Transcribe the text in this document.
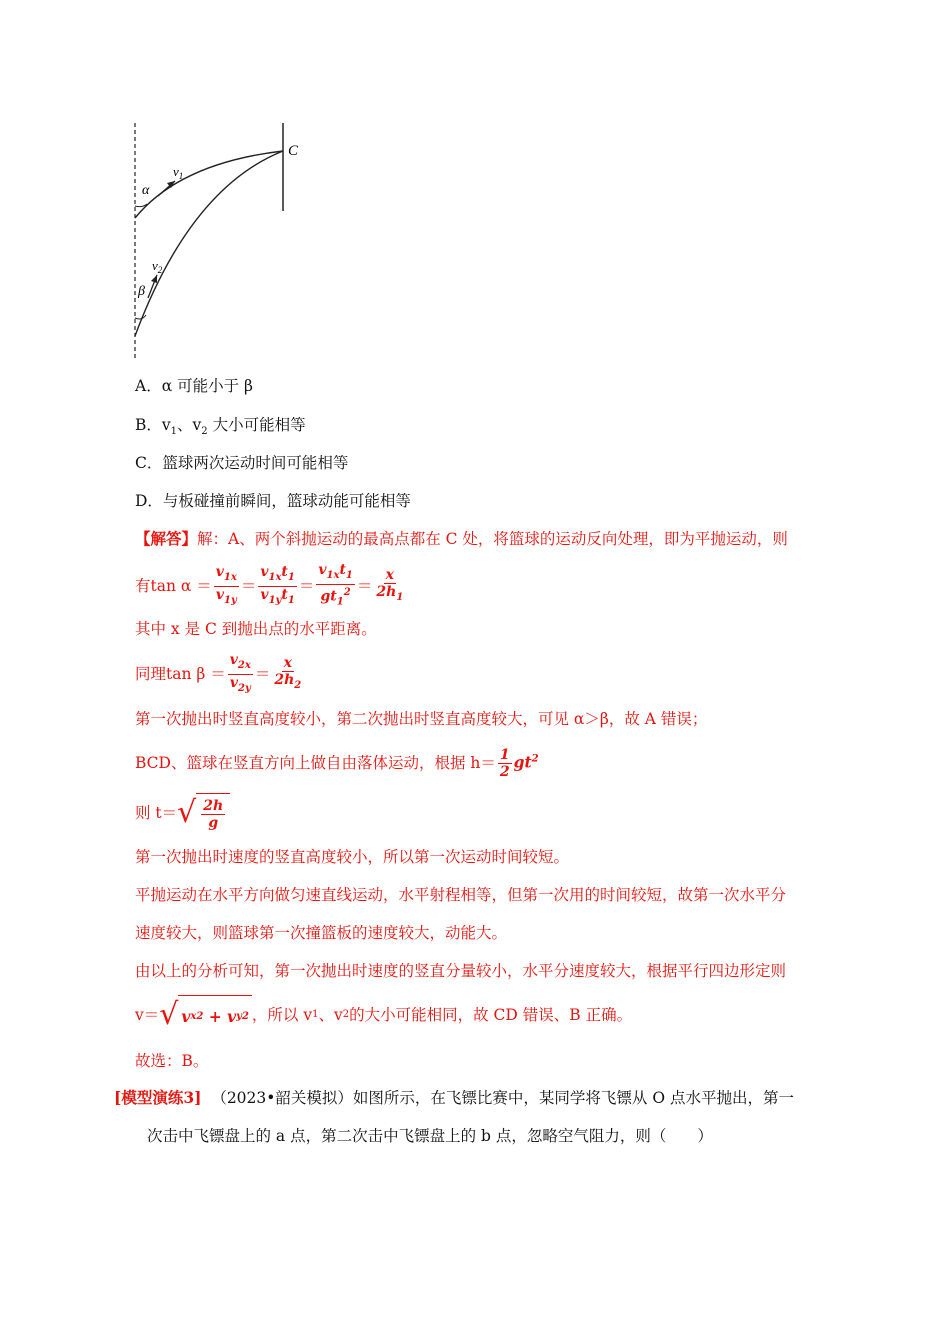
C
α
$v_1$
β
$v_2$
A．α 可能小于 β
B．$v_1$、$v_2$ 大小可能相等
C．篮球两次运动时间可能相等
D．与板碰撞前瞬间，篮球动能可能相等
【解答】解：A、两个斜抛运动的最高点都在 C 处，将篮球的运动反向处理，即为平抛运动，则
有$\tan \alpha = \frac{v_{1x}}{v_{1y}} = \frac{v_{1x}t_1}{v_{1y}t_1} = \frac{v_{1x}t_1}{gt_1^2} = \frac{x}{2h_1}$
其中 x 是 C 到抛出点的水平距离。
同理$\tan \beta = \frac{v_{2x}}{v_{2y}} = \frac{x}{2h_2}$
第一次抛出时竖直高度较小，第二次抛出时竖直高度较大，可见 α＞β，故 A 错误；
BCD、篮球在竖直方向上做自由落体运动，根据 $h= \frac{1}{2} gt^2$
则 t＝ √ $\frac{2h}{g}$
第一次抛出时速度的竖直高度较小，所以第一次运动时间较短。
平抛运动在水平方向做匀速直线运动，水平射程相等，但第一次用的时间较短，故第一次水平分
速度较大，则篮球第一次撞篮板的速度较大，动能大。
由以上的分析可知，第一次抛出时速度的竖直分量较小，水平分速度较大，根据平行四边形定则
v＝ √ v x 2 + v y 2 ，所以 v 1 、v 2 的大小可能相同，故 CD 错误、B 正确。
故选：B。
[模型演练3] （2023•韶关模拟）如图所示，在飞镖比赛中，某同学将飞镖从 O 点水平抛出，第一
次击中飞镖盘上的 a 点，第二次击中飞镖盘上的 b 点，忽略空气阻力，则（　　）
